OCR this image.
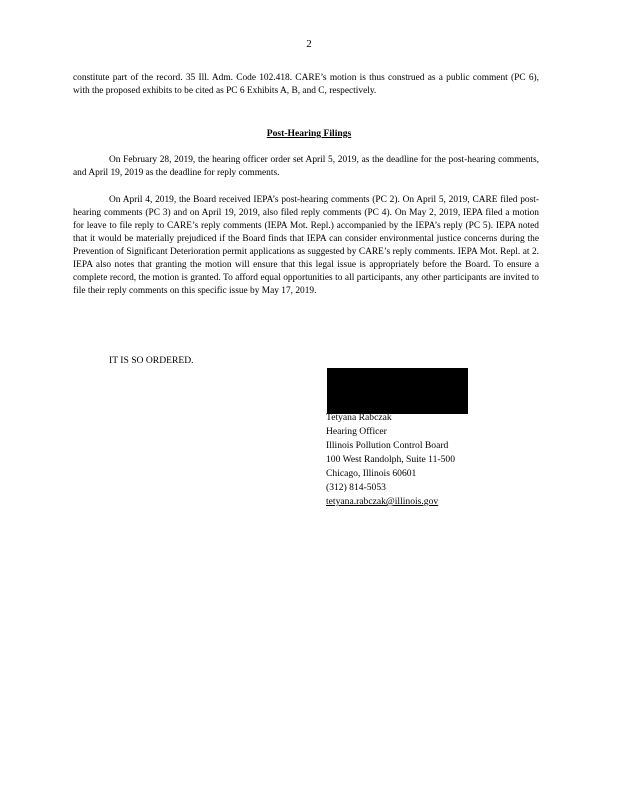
2

constitute part of the record. 35 Ill. Adm. Code 102.418. CARE’s motion is thus construed as a public comment (PC 6), with the proposed exhibits to be cited as PC 6 Exhibits A, B, and C, respectively.

Post-Hearing Filings

On February 28, 2019, the hearing officer order set April 5, 2019, as the deadline for the post-hearing comments, and April 19, 2019 as the deadline for reply comments.

On April 4, 2019, the Board received IEPA’s post-hearing comments (PC 2). On April 5, 2019, CARE filed post-hearing comments (PC 3) and on April 19, 2019, also filed reply comments (PC 4). On May 2, 2019, IEPA filed a motion for leave to file reply to CARE’s reply comments (IEPA Mot. Repl.) accompanied by the IEPA’s reply (PC 5). IEPA noted that it would be materially prejudiced if the Board finds that IEPA can consider environmental justice concerns during the Prevention of Significant Deterioration permit applications as suggested by CARE’s reply comments. IEPA Mot. Repl. at 2. IEPA also notes that granting the motion will ensure that this legal issue is appropriately before the Board. To ensure a complete record, the motion is granted. To afford equal opportunities to all participants, any other participants are invited to file their reply comments on this specific issue by May 17, 2019.

IT IS SO ORDERED.
Tetyana Rabczak
Hearing Officer
Illinois Pollution Control Board
100 West Randolph, Suite 11-500
Chicago, Illinois 60601
(312) 814-5053
tetyana.rabczak@illinois.gov
